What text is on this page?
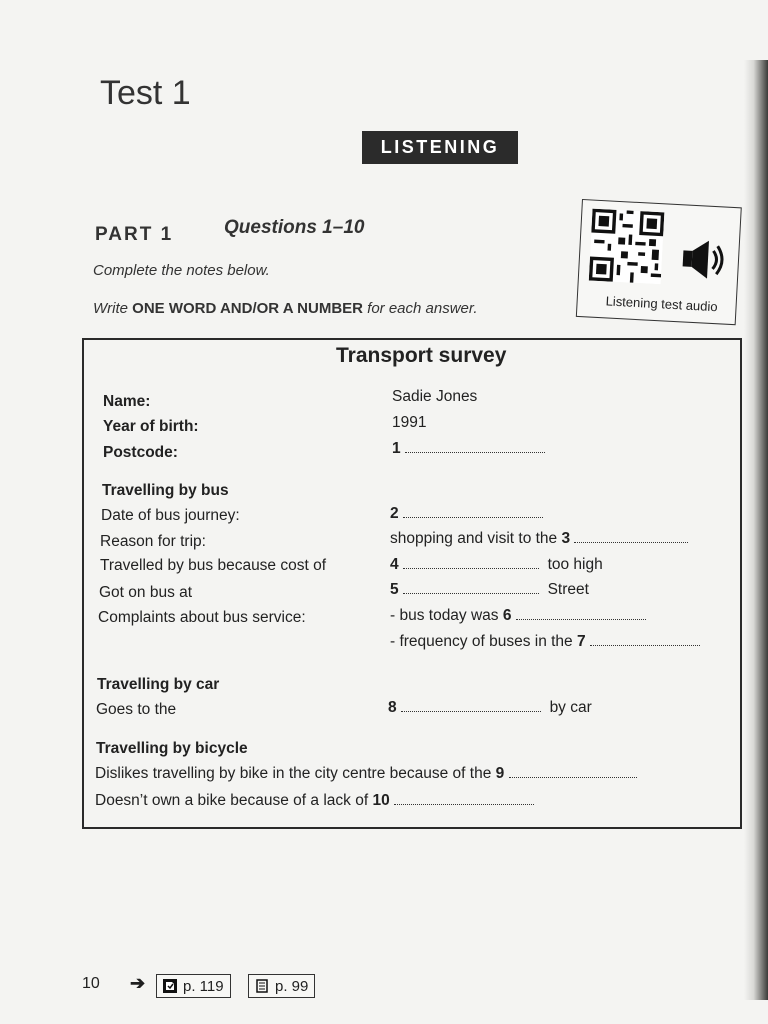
Test 1
LISTENING
PART 1	Questions 1–10
Complete the notes below.
Write ONE WORD AND/OR A NUMBER for each answer.	Listening test audio
Transport survey
Name:	Sadie Jones
Year of birth:	1991
Postcode:	1
Travelling by bus
Date of bus journey:	2
Reason for trip:	shopping and visit to the 3
Travelled by bus because cost of	4	too high
Got on bus at	5	Street
Complaints about bus service:	- bus today was 6
- frequency of buses in the 7
Travelling by car
Goes to the	8	by car
Travelling by bicycle
Dislikes travelling by bike in the city centre because of the 9
Doesn’t own a bike because of a lack of 10
10 ➔	p. 119	p. 99
